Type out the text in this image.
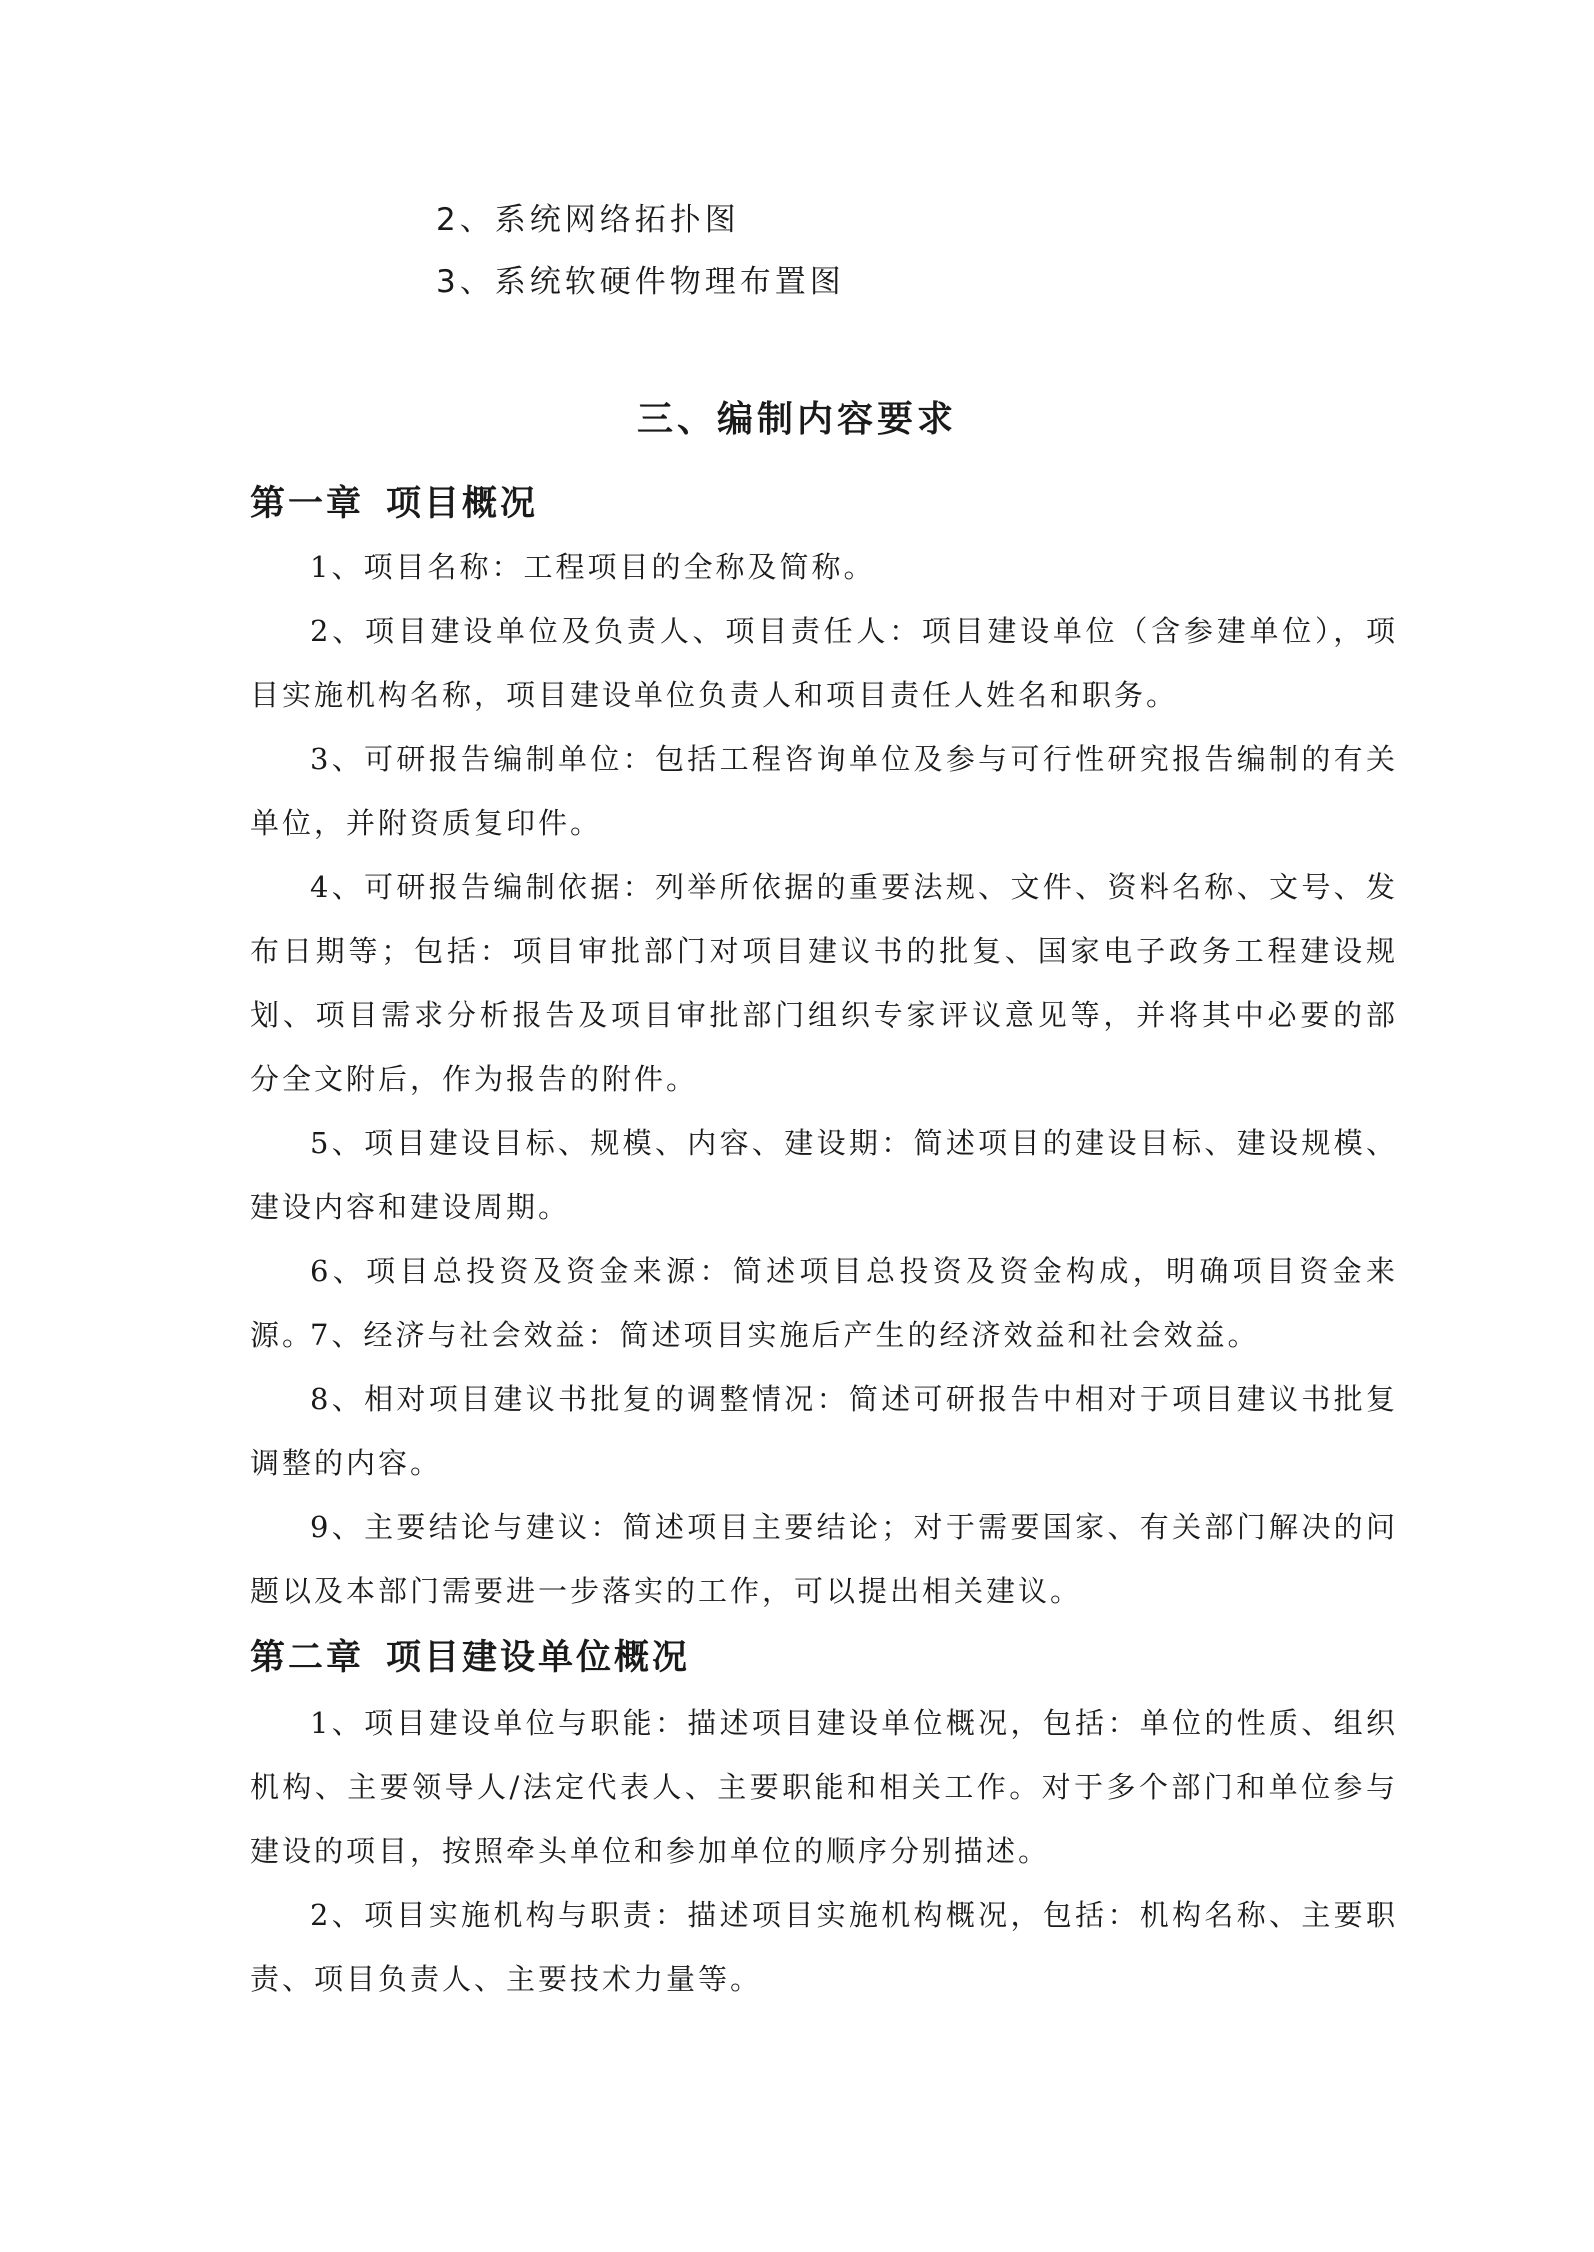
2、系统网络拓扑图
3、系统软硬件物理布置图
三、编制内容要求
第一章 项目概况

1、项目名称：工程项目的全称及简称。

2、项目建设单位及负责人、项目责任人：项目建设单位（含参建单位），项目实施机构名称，项目建设单位负责人和项目责任人姓名和职务。

3、可研报告编制单位：包括工程咨询单位及参与可行性研究报告编制的有关单位，并附资质复印件。

4、可研报告编制依据：列举所依据的重要法规、文件、资料名称、文号、发布日期等；包括：项目审批部门对项目建议书的批复、国家电子政务工程建设规划、项目需求分析报告及项目审批部门组织专家评议意见等，并将其中必要的部分全文附后，作为报告的附件。

5、项目建设目标、规模、内容、建设期：简述项目的建设目标、建设规模、建设内容和建设周期。

6、项目总投资及资金来源：简述项目总投资及资金构成，明确项目资金来源。

7、经济与社会效益：简述项目实施后产生的经济效益和社会效益。

8、相对项目建议书批复的调整情况：简述可研报告中相对于项目建议书批复调整的内容。

9、主要结论与建议：简述项目主要结论；对于需要国家、有关部门解决的问题以及本部门需要进一步落实的工作，可以提出相关建议。

第二章 项目建设单位概况

1、项目建设单位与职能：描述项目建设单位概况，包括：单位的性质、组织机构、主要领导人/法定代表人、主要职能和相关工作。对于多个部门和单位参与建设的项目，按照牵头单位和参加单位的顺序分别描述。

2、项目实施机构与职责：描述项目实施机构概况，包括：机构名称、主要职责、项目负责人、主要技术力量等。
